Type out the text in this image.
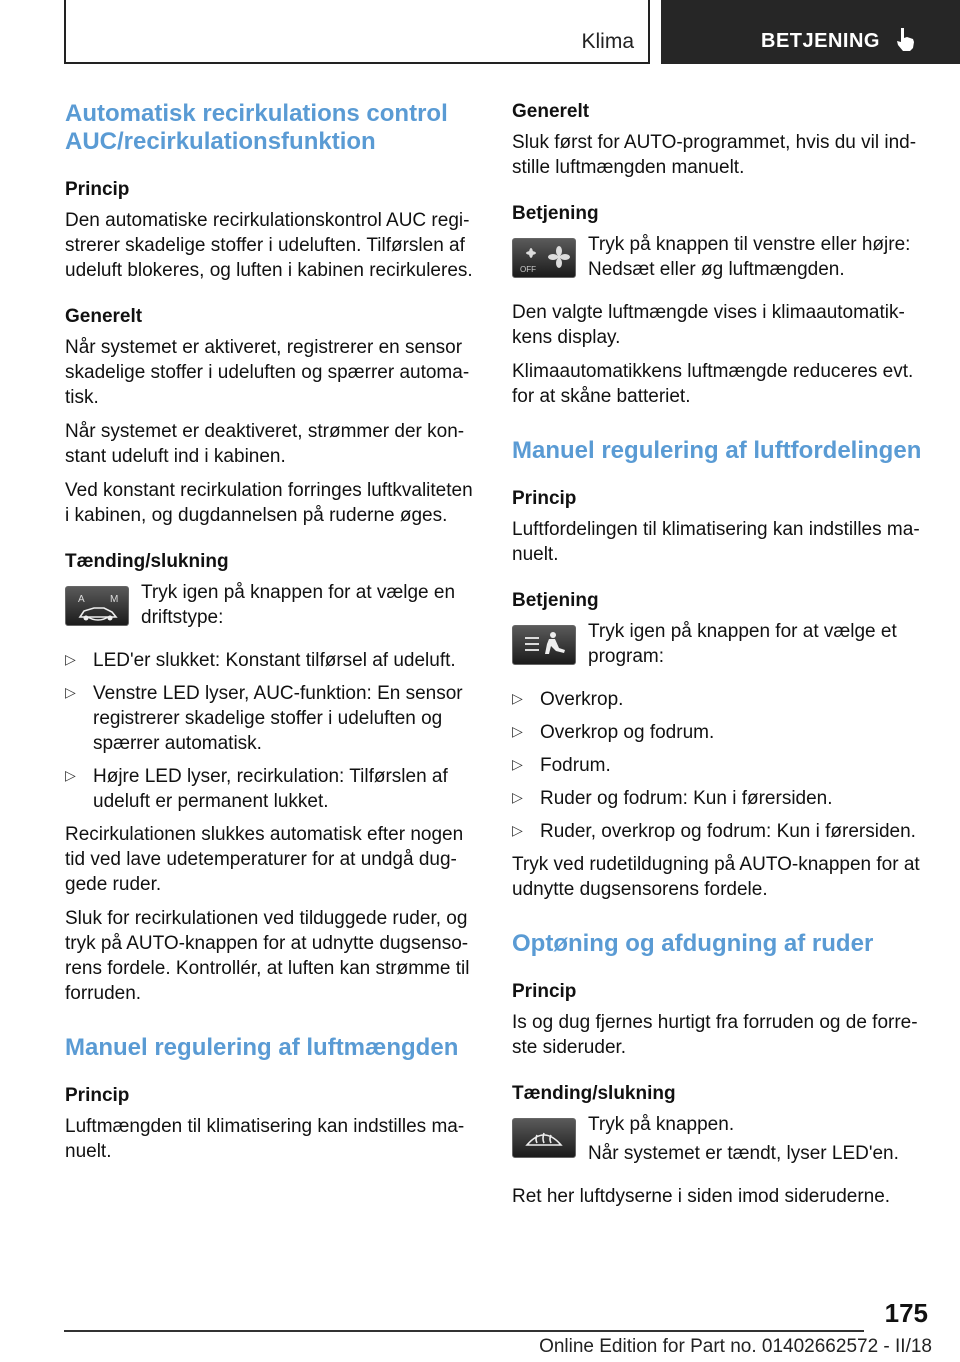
Klima	BETJENING
Automatisk recirkulations control AUC/recirkulationsfunktion
Princip

Den automatiske recirkulationskontrol AUC registrerer skadelige stoffer i udeluften. Tilførslen af udeluft blokeres, og luften i kabinen recirkuleres.

Generelt

Når systemet er aktiveret, registrerer en sensor skadelige stoffer i udeluften og spærrer automatisk.

Når systemet er deaktiveret, strømmer der konstant udeluft ind i kabinen.

Ved konstant recirkulation forringes luftkvaliteten i kabinen, og dugdannelsen på ruderne øges.

Tænding/slukning
A	M Tryk igen på knappen for at vælge en driftstype:

▷ LED'er slukket: Konstant tilførsel af udeluft.
▷ Venstre LED lyser, AUC-funktion: En sensor registrerer skadelige stoffer i udeluften og spærrer automatisk.
▷ Højre LED lyser, recirkulation: Tilførslen af udeluft er permanent lukket.

Recirkulationen slukkes automatisk efter nogen tid ved lave udetemperaturer for at undgå duggede ruder.

Sluk for recirkulationen ved tilduggede ruder, og tryk på AUTO-knappen for at udnytte dugsensorens fordele. Kontrollér, at luften kan strømme til forruden.

Manuel regulering af luftmængden
Princip

Luftmængden til klimatisering kan indstilles manuelt.

Generelt

Sluk først for AUTO-programmet, hvis du vil indstille luftmængden manuelt.

Betjening
OFF

Tryk på knappen til venstre eller højre: Nedsæt eller øg luftmængden.

Den valgte luftmængde vises i klimaautomatikkens display.

Klimaautomatikkens luftmængde reduceres evt. for at skåne batteriet.

Manuel regulering af luftfordelingen
Princip

Luftfordelingen til klimatisering kan indstilles manuelt.

Betjening

Tryk igen på knappen for at vælge et program:

▷ Overkrop.
▷ Overkrop og fodrum.
▷ Fodrum.
▷ Ruder og fodrum: Kun i førersiden.
▷ Ruder, overkrop og fodrum: Kun i førersiden.

Tryk ved rudetildugning på AUTO-knappen for at udnytte dugsensorens fordele.

Optøning og afdugning af ruder
Princip

Is og dug fjernes hurtigt fra forruden og de forreste sideruder.

Tænding/slukning

Tryk på knappen.

Når systemet er tændt, lyser LED'en.

Ret her luftdyserne i siden imod sideruderne.

175
Online Edition for Part no. 01402662572 - II/18
